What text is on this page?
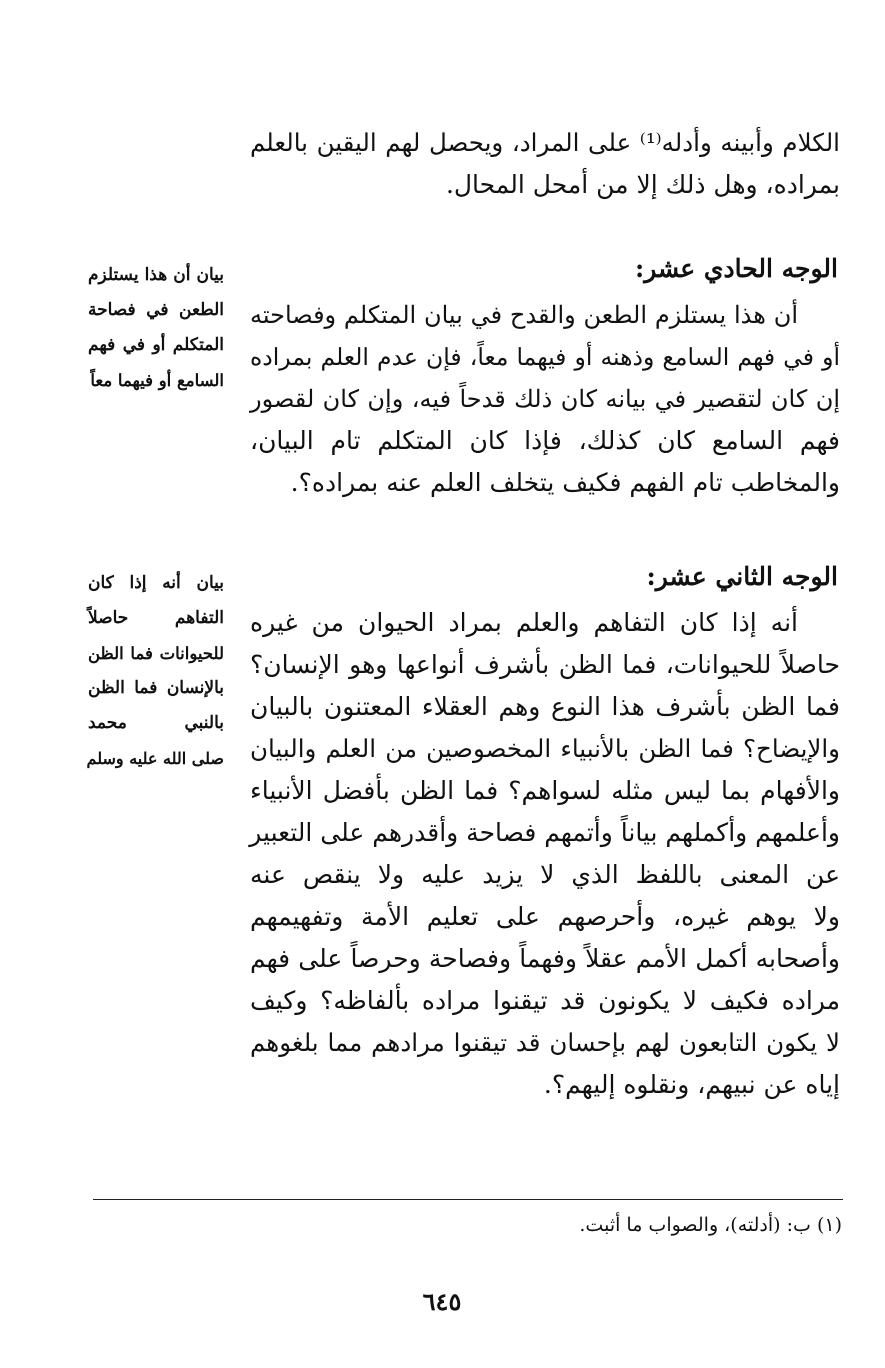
الكلام وأبينه وأدله⁽¹⁾ على المراد، ويحصل لهم اليقين بالعلم
بمراده، وهل ذلك إلا من أمحل المحال.
الوجه الحادي عشر:
أن هذا يستلزم الطعن والقدح في بيان المتكلم وفصاحته
أو في فهم السامع وذهنه أو فيهما معاً، فإن عدم العلم بمراده
إن كان لتقصير في بيانه كان ذلك قدحاً فيه، وإن كان لقصور
فهم السامع كان كذلك، فإذا كان المتكلم تام البيان،
والمخاطب تام الفهم فكيف يتخلف العلم عنه بمراده؟.
بيان أن هذا يستلزم
الطعن في فصاحة
المتكلم أو في فهم
السامع أو فيهما معاً
الوجه الثاني عشر:
أنه إذا كان التفاهم والعلم بمراد الحيوان من غيره
حاصلاً للحيوانات، فما الظن بأشرف أنواعها وهو الإنسان؟
فما الظن بأشرف هذا النوع وهم العقلاء المعتنون بالبيان
والإيضاح؟ فما الظن بالأنبياء المخصوصين من العلم والبيان
والأفهام بما ليس مثله لسواهم؟ فما الظن بأفضل الأنبياء
وأعلمهم وأكملهم بياناً وأتمهم فصاحة وأقدرهم على التعبير
عن المعنى باللفظ الذي لا يزيد عليه ولا ينقص عنه
ولا يوهم غيره، وأحرصهم على تعليم الأمة وتفهيمهم
وأصحابه أكمل الأمم عقلاً وفهماً وفصاحة وحرصاً على فهم
مراده فكيف لا يكونون قد تيقنوا مراده بألفاظه؟ وكيف
لا يكون التابعون لهم بإحسان قد تيقنوا مرادهم مما بلغوهم
إياه عن نبيهم، ونقلوه إليهم؟.
بيان أنه إذا كان
التفاهم حاصلاً
للحيوانات فما الظن
بالإنسان فما الظن
بالنبي محمد
صلى الله عليه وسلم

(١) ب: (أدلته)، والصواب ما أثبت.

٦٤٥
